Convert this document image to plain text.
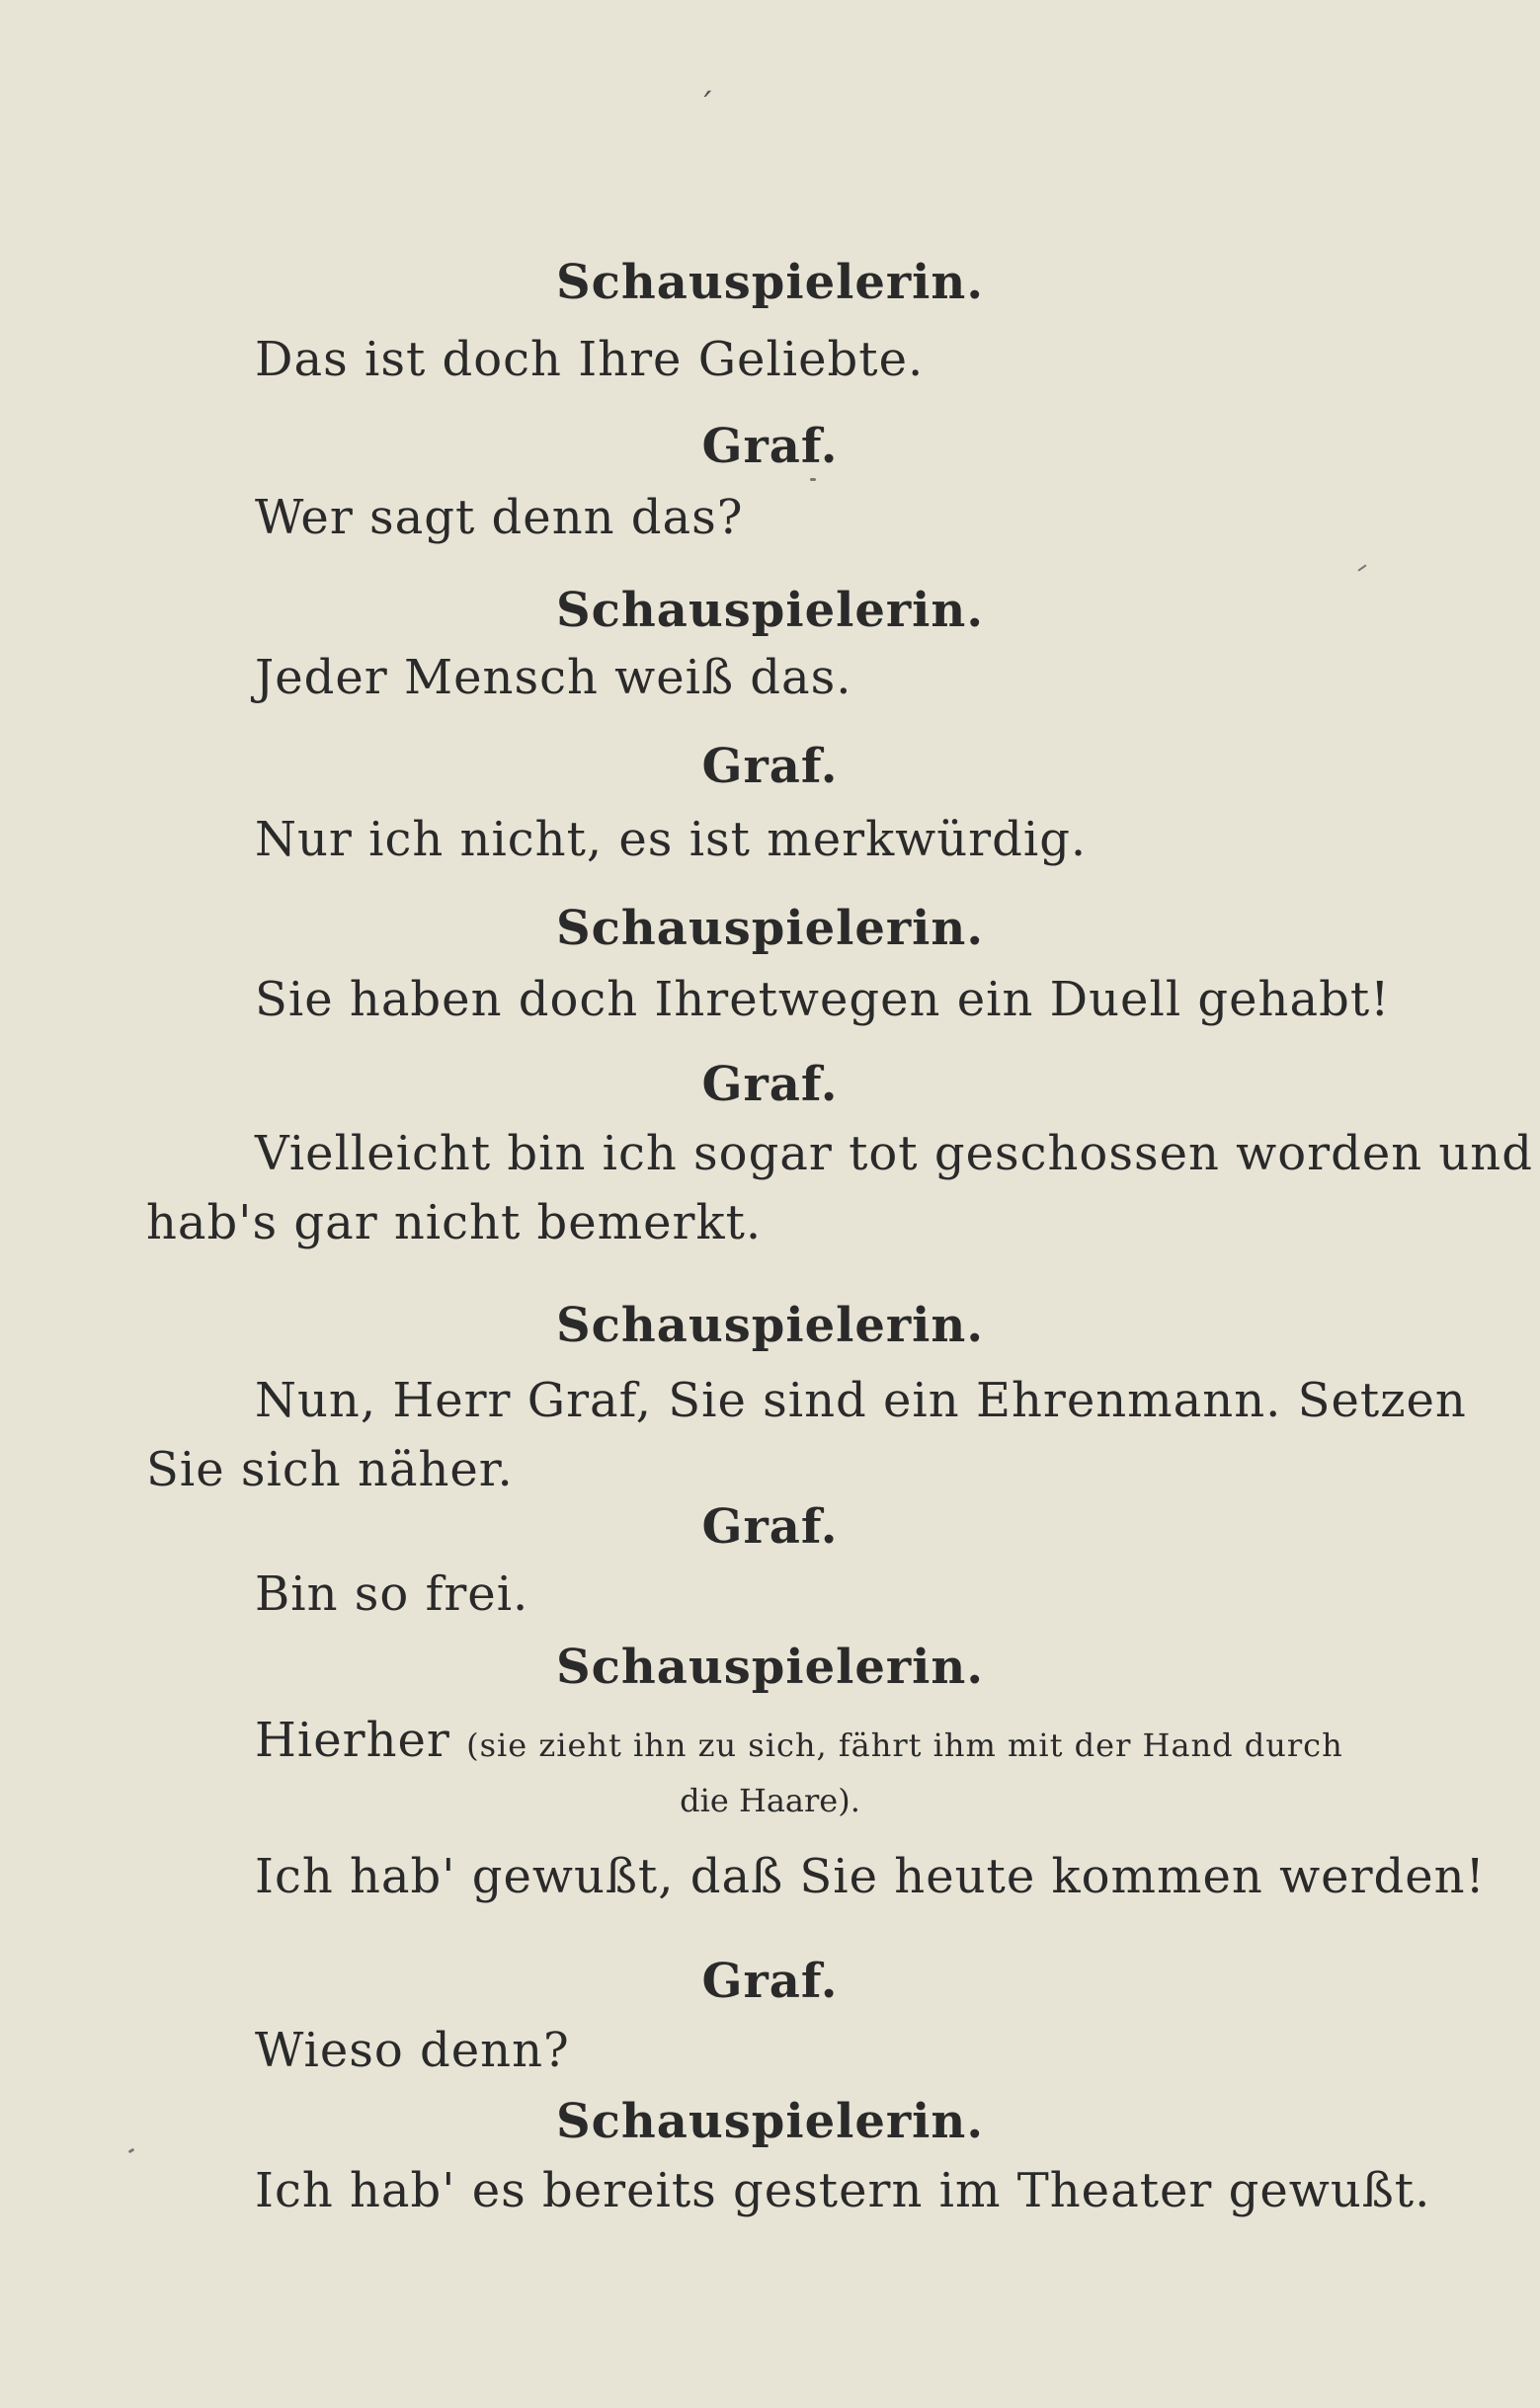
´
Schauspielerin.
Das ist doch Ihre Geliebte.
Graf.
Wer sagt denn das?
Schauspielerin.
Jeder Mensch weiß das.
Graf.
Nur ich nicht, es ist merkwürdig.
Schauspielerin.
Sie haben doch Ihretwegen ein Duell gehabt!
Graf.
Vielleicht bin ich sogar tot geschossen worden und
hab's gar nicht bemerkt.
Schauspielerin.
Nun, Herr Graf, Sie sind ein Ehrenmann. Setzen
Sie sich näher.
Graf.
Bin so frei.
Schauspielerin.
Hierher (sie zieht ihn zu sich, fährt ihm mit der Hand durch
die Haare).
Ich hab' gewußt, daß Sie heute kommen werden!
Graf.
Wieso denn?
Schauspielerin.
Ich hab' es bereits gestern im Theater gewußt.
